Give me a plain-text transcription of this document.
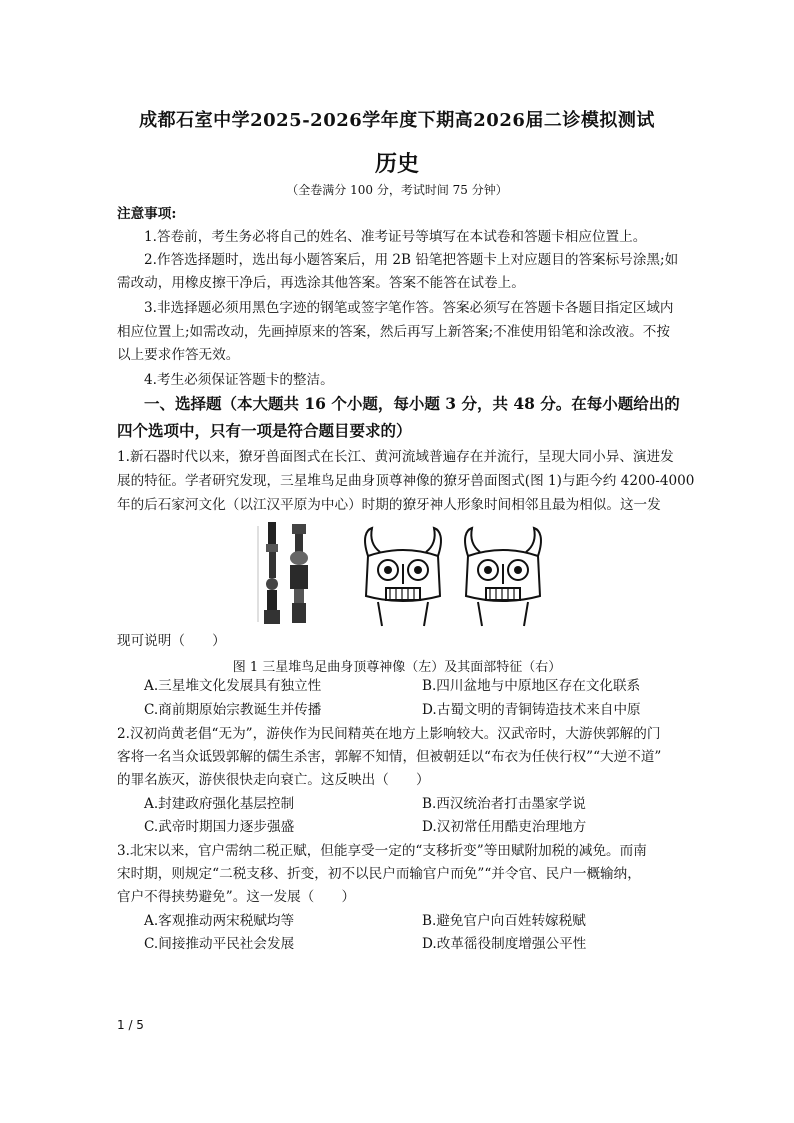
成都石室中学2025-2026学年度下期高2026届二诊模拟测试
历史
（全卷满分 100 分，考试时间 75 分钟）
注意事项:
1.答卷前，考生务必将自己的姓名、准考证号等填写在本试卷和答题卡相应位置上。
2.作答选择题时，选出每小题答案后，用 2B 铅笔把答题卡上对应题目的答案标号涂黑;如
需改动，用橡皮擦干净后，再选涂其他答案。答案不能答在试卷上。
3.非选择题必须用黑色字迹的钢笔或签字笔作答。答案必须写在答题卡各题目指定区域内
相应位置上;如需改动，先画掉原来的答案，然后再写上新答案;不准使用铅笔和涂改液。不按
以上要求作答无效。
4.考生必须保证答题卡的整洁。
一、选择题（本大题共 16 个小题，每小题 3 分，共 48 分。在每小题给出的
四个选项中，只有一项是符合题目要求的）
1.新石器时代以来，獠牙兽面图式在长江、黄河流域普遍存在并流行，呈现大同小异、演进发
展的特征。学者研究发现，三星堆鸟足曲身顶尊神像的獠牙兽面图式(图 1)与距今约 4200-4000
年的后石家河文化（以江汉平原为中心）时期的獠牙神人形象时间相邻且最为相似。这一发
现可说明（　　）
图 1 三星堆鸟足曲身顶尊神像（左）及其面部特征（右）
A.三星堆文化发展具有独立性	B.四川盆地与中原地区存在文化联系
C.商前期原始宗教诞生并传播	D.古蜀文明的青铜铸造技术来自中原
2.汉初尚黄老倡“无为”，游侠作为民间精英在地方上影响较大。汉武帝时，大游侠郭解的门
客将一名当众诋毁郭解的儒生杀害，郭解不知情，但被朝廷以“布衣为任侠行权”“大逆不道”
的罪名族灭，游侠很快走向衰亡。这反映出（　　）
A.封建政府强化基层控制	B.西汉统治者打击墨家学说
C.武帝时期国力逐步强盛	D.汉初常任用酷吏治理地方
3.北宋以来，官户需纳二税正赋，但能享受一定的“支移折变”等田赋附加税的减免。而南
宋时期，则规定“二税支移、折变，初不以民户而输官户而免”“并令官、民户一概输纳，
官户不得挟势避免”。这一发展（　　）
A.客观推动两宋税赋均等	B.避免官户向百姓转嫁税赋
C.间接推动平民社会发展	D.改革徭役制度增强公平性
1 / 5
